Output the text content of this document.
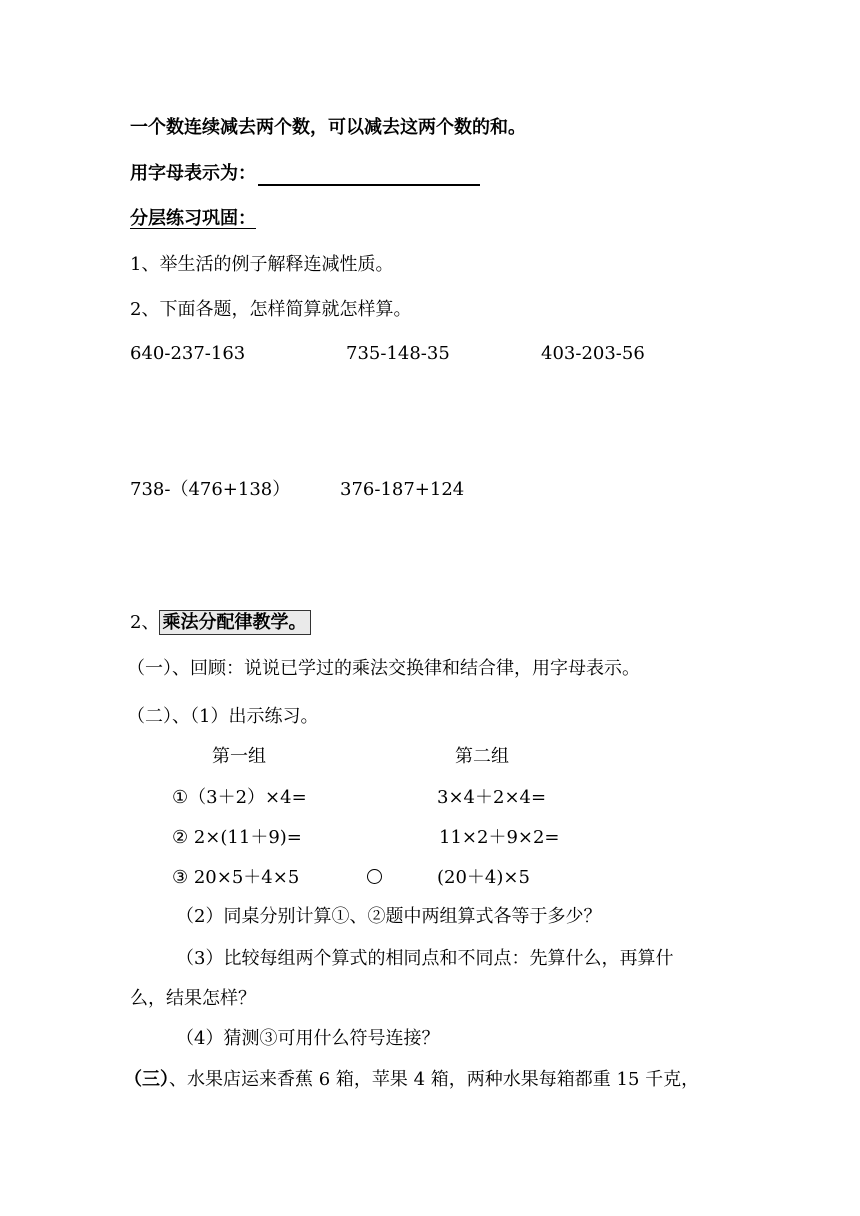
一个数连续减去两个数，可以减去这两个数的和。
用字母表示为：
分层练习巩固：
1、举生活的例子解释连减性质。
2、下面各题，怎样简算就怎样算。
640-237-163	735-148-35	403-203-56
738-（476+138）	376-187+124
2、 乘法分配律教学。
（一）、回顾：说说已学过的乘法交换律和结合律，用字母表示。
（二）、（1）出示练习。
第一组	第二组
①（3＋2）×4=	3×4＋2×4=
② 2×(11＋9)=	11×2＋9×2=
③ 20×5＋4×5	(20＋4)×5
（2）同桌分别计算①、②题中两组算式各等于多少？
（3）比较每组两个算式的相同点和不同点：先算什么，再算什
么，结果怎样？
（4）猜测③可用什么符号连接？
（三）、水果店运来香蕉 6 箱，苹果 4 箱，两种水果每箱都重 15 千克，
